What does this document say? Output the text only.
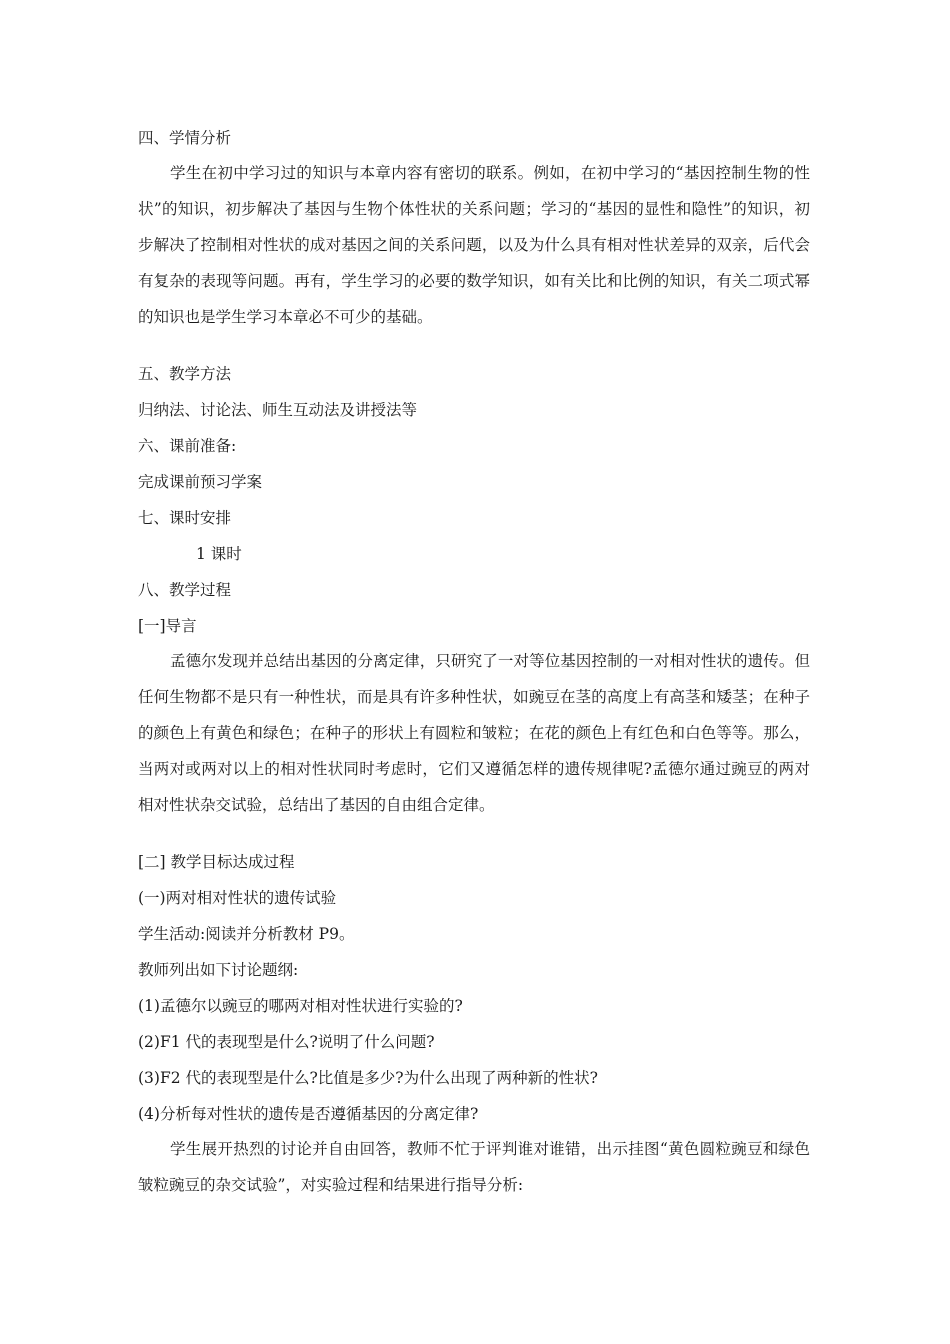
四、学情分析
学生在初中学习过的知识与本章内容有密切的联系。例如，在初中学习的“基因控制生物的性状”的知识，初步解决了基因与生物个体性状的关系问题；学习的“基因的显性和隐性”的知识，初步解决了控制相对性状的成对基因之间的关系问题，以及为什么具有相对性状差异的双亲，后代会有复杂的表现等问题。再有，学生学习的必要的数学知识，如有关比和比例的知识，有关二项式幂的知识也是学生学习本章必不可少的基础。
五、教学方法
归纳法、讨论法、师生互动法及讲授法等
六、课前准备:
完成课前预习学案
七、课时安排
1 课时
八、教学过程
[一]导言
孟德尔发现并总结出基因的分离定律，只研究了一对等位基因控制的一对相对性状的遗传。但任何生物都不是只有一种性状，而是具有许多种性状，如豌豆在茎的高度上有高茎和矮茎；在种子的颜色上有黄色和绿色；在种子的形状上有圆粒和皱粒；在花的颜色上有红色和白色等等。那么，当两对或两对以上的相对性状同时考虑时，它们又遵循怎样的遗传规律呢?孟德尔通过豌豆的两对相对性状杂交试验，总结出了基因的自由组合定律。
[二] 教学目标达成过程
(一)两对相对性状的遗传试验
学生活动:阅读并分析教材 P9。
教师列出如下讨论题纲:
(1)孟德尔以豌豆的哪两对相对性状进行实验的?
(2)F1 代的表现型是什么?说明了什么问题?
(3)F2 代的表现型是什么?比值是多少?为什么出现了两种新的性状?
(4)分析每对性状的遗传是否遵循基因的分离定律?
学生展开热烈的讨论并自由回答，教师不忙于评判谁对谁错，出示挂图“黄色圆粒豌豆和绿色皱粒豌豆的杂交试验”，对实验过程和结果进行指导分析:
